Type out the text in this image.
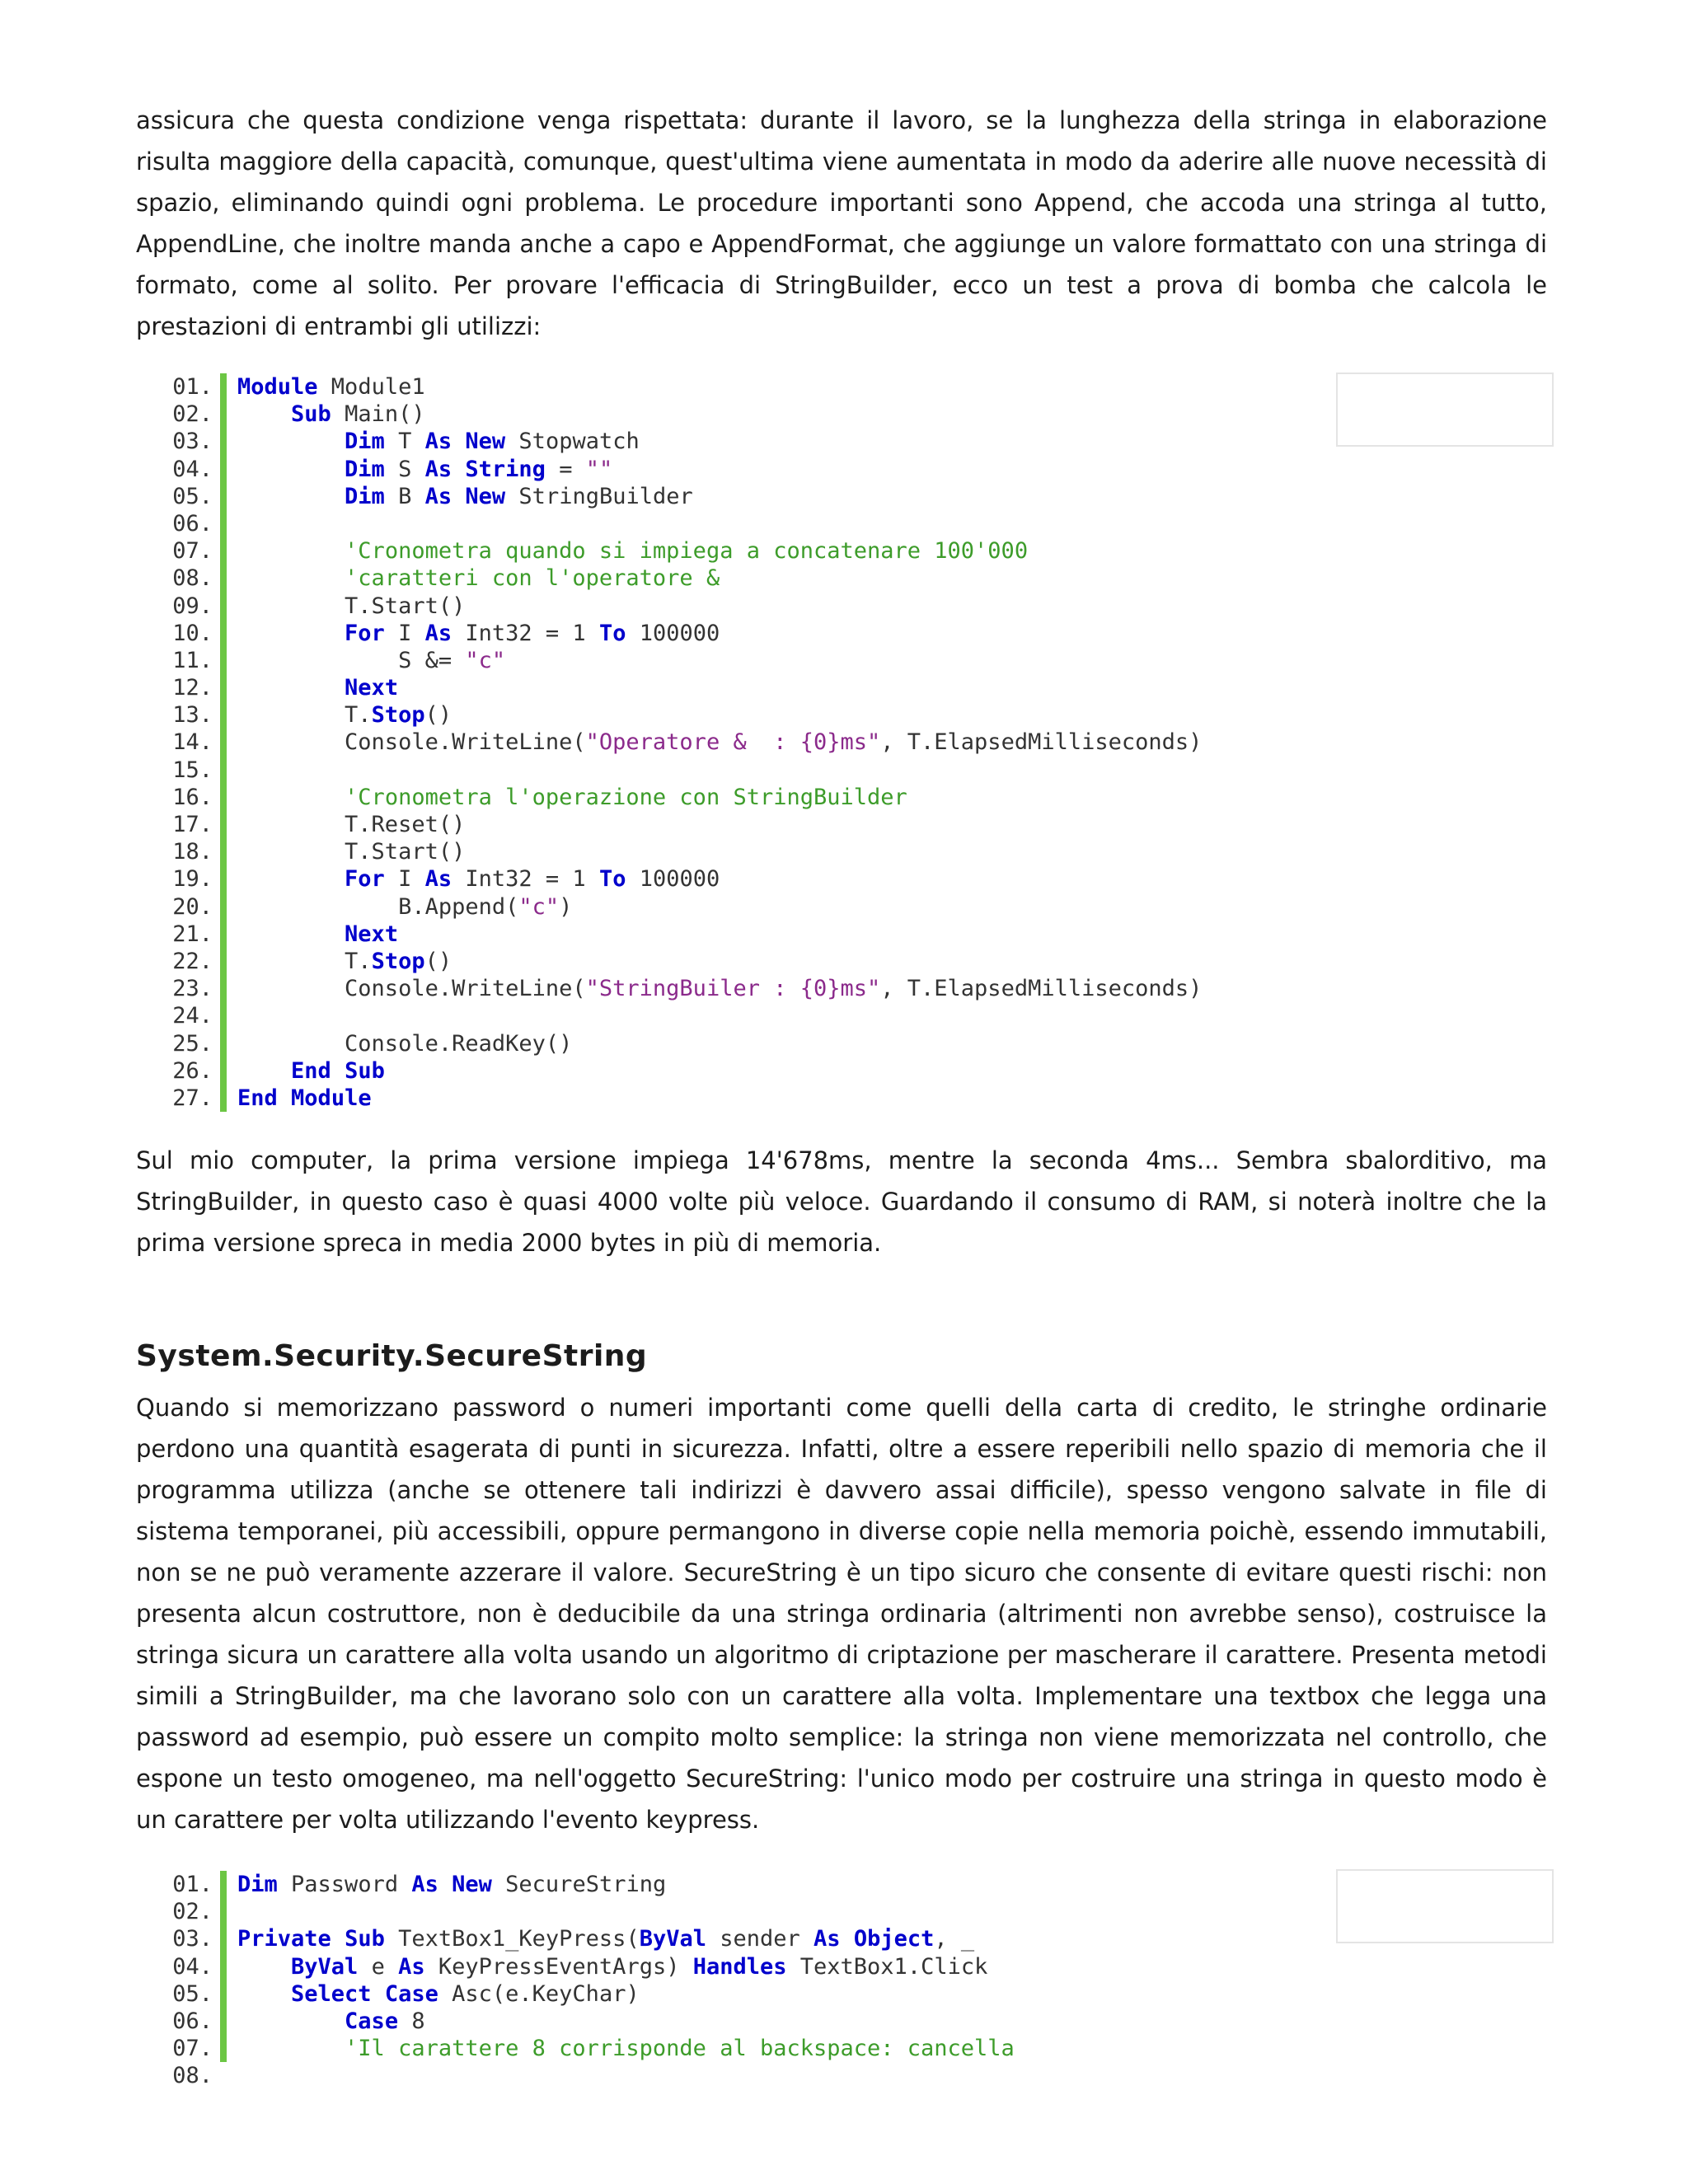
assicura che questa condizione venga rispettata: durante il lavoro, se la lunghezza della stringa in elaborazione risulta maggiore della capacità, comunque, quest'ultima viene aumentata in modo da aderire alle nuove necessità di spazio, eliminando quindi ogni problema. Le procedure importanti sono Append, che accoda una stringa al tutto, AppendLine, che inoltre manda anche a capo e AppendFormat, che aggiunge un valore formattato con una stringa di formato, come al solito. Per provare l'efficacia di StringBuilder, ecco un test a prova di bomba che calcola le prestazioni di entrambi gli utilizzi:

01. Module Module1
02.	Sub Main()
03.	Dim T As New Stopwatch
04.	Dim S As String = ""
05.	Dim B As New StringBuilder
06.
07.	'Cronometra quando si impiega a concatenare 100'000
08.	'caratteri con l'operatore &
09. T.Start()
10.	For I As Int32 = 1 To 100000
11. S &= "c"
12.	Next
13. T.Stop()
14. Console.WriteLine("Operatore &  : {0}ms", T.ElapsedMilliseconds)
15.
16.	'Cronometra l'operazione con StringBuilder
17. T.Reset()
18. T.Start()
19.	For I As Int32 = 1 To 100000
20. B.Append("c")
21.	Next
22. T.Stop()
23. Console.WriteLine("StringBuiler : {0}ms", T.ElapsedMilliseconds)
24.
25. Console.ReadKey()
26.	End Sub
27. End Module

Sul mio computer, la prima versione impiega 14'678ms, mentre la seconda 4ms... Sembra sbalorditivo, ma StringBuilder, in questo caso è quasi 4000 volte più veloce. Guardando il consumo di RAM, si noterà inoltre che la prima versione spreca in media 2000 bytes in più di memoria.

System.Security.SecureString

Quando si memorizzano password o numeri importanti come quelli della carta di credito, le stringhe ordinarie perdono una quantità esagerata di punti in sicurezza. Infatti, oltre a essere reperibili nello spazio di memoria che il programma utilizza (anche se ottenere tali indirizzi è davvero assai difficile), spesso vengono salvate in file di sistema temporanei, più accessibili, oppure permangono in diverse copie nella memoria poichè, essendo immutabili, non se ne può veramente azzerare il valore. SecureString è un tipo sicuro che consente di evitare questi rischi: non presenta alcun costruttore, non è deducibile da una stringa ordinaria (altrimenti non avrebbe senso), costruisce la stringa sicura un carattere alla volta usando un algoritmo di criptazione per mascherare il carattere. Presenta metodi simili a StringBuilder, ma che lavorano solo con un carattere alla volta. Implementare una textbox che legga una password ad esempio, può essere un compito molto semplice: la stringa non viene memorizzata nel controllo, che espone un testo omogeneo, ma nell'oggetto SecureString: l'unico modo per costruire una stringa in questo modo è un carattere per volta utilizzando l'evento keypress.

01. Dim Password As New SecureString
02.
03. Private Sub TextBox1_KeyPress(ByVal sender As Object, _
04.	ByVal e As KeyPressEventArgs) Handles TextBox1.Click
05.	Select Case Asc(e.KeyChar)
06.	Case 8
07.	'Il carattere 8 corrisponde al backspace: cancella
08.
